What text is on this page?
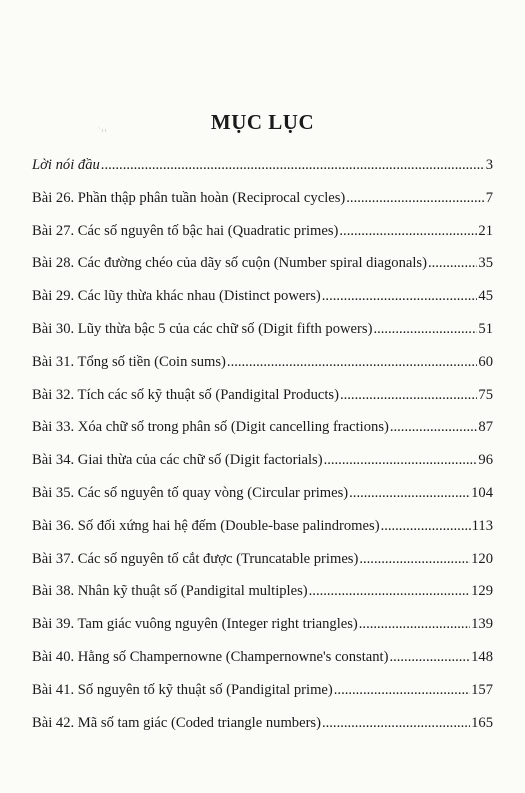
ˋ ι ι	MỤC LỤC
Lời nói đầu .....	3
Bài 26. Phần thập phân tuần hoàn (Reciprocal cycles) .....	7
Bài 27. Các số nguyên tố bậc hai (Quadratic primes) .....	21
Bài 28. Các đường chéo của dãy số cuộn (Number spiral diagonals) .....	35
Bài 29. Các lũy thừa khác nhau (Distinct powers) .....	45
Bài 30. Lũy thừa bậc 5 của các chữ số (Digit fifth powers) .....	51
Bài 31. Tổng số tiền (Coin sums) .....	60
Bài 32. Tích các số kỹ thuật số (Pandigital Products) .....	75
Bài 33. Xóa chữ số trong phân số (Digit cancelling fractions) .....	87
Bài 34. Giai thừa của các chữ số (Digit factorials) .....	96
Bài 35. Các số nguyên tố quay vòng (Circular primes) .....	104
Bài 36. Số đối xứng hai hệ đếm (Double-base palindromes) .....	113
Bài 37. Các số nguyên tố cắt được (Truncatable primes) .....	120
Bài 38. Nhân kỹ thuật số (Pandigital multiples) .....	129
Bài 39. Tam giác vuông nguyên (Integer right triangles) .....	139
Bài 40. Hằng số Champernowne (Champernowne's constant) .....	148
Bài 41. Số nguyên tố kỹ thuật số (Pandigital prime) .....	157
Bài 42. Mã số tam giác (Coded triangle numbers) .....	165
